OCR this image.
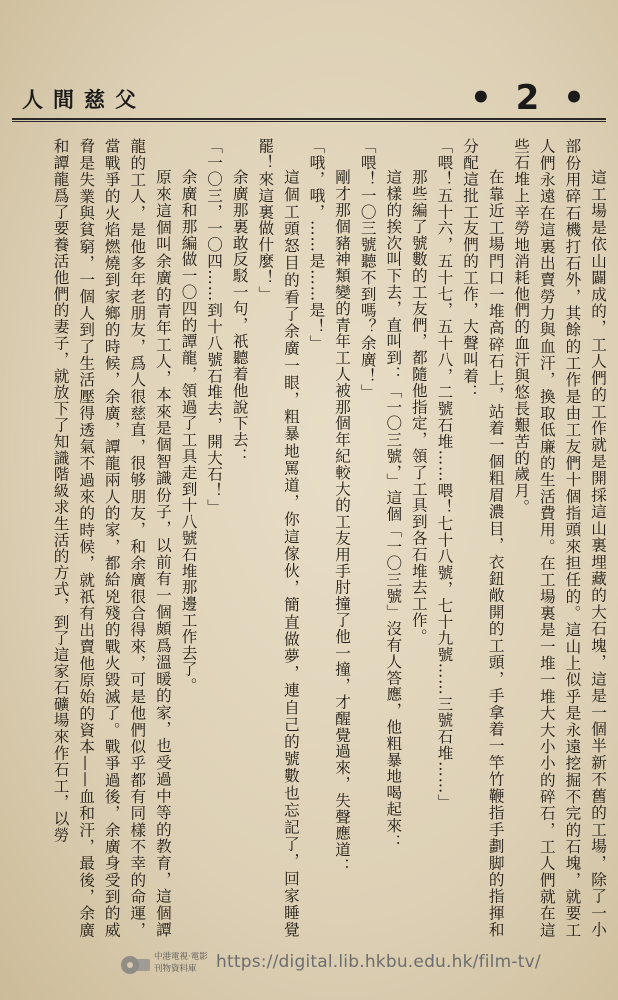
人間慈父	• 2 •

這工場是依山闢成的，工人們的工作就是開採這山裏埋藏的大石塊，這是一個半新不舊的工場，除了一小部份用碎石機打石外，其餘的工作是由工友們十個指頭來担任的。這山上似乎是永遠挖掘不完的石塊，就要工人們永遠在這裏出賣勞力與血汗，換取低廉的生活費用。在工場裏是一堆一堆大大小小的碎石，工人們就在這些石堆上辛勞地消耗他們的血汗與悠長艱苦的歲月。

在靠近工場門口一堆高碎石上，站着一個粗眉濃目，衣鈕敞開的工頭，手拿着一竿竹鞭指手劃脚的指揮和分配這批工友們的工作，大聲叫着：

「喂！五十六，五十七，五十八，二號石堆……喂！七十八號，七十九號……三號石堆……」

那些編了號數的工友們，都隨他指定，領了工具到各石堆去工作。

這樣的挨次叫下去，直叫到：「一〇三號，」這個「一〇三號」沒有人答應，他粗暴地喝起來：

「喂！一〇三號聽不到嗎？余廣！」

剛才那個豬神類變的青年工人被那個年紀較大的工友用手肘撞了他一撞，才醒覺過來，失聲應道：

「哦，哦，……是……是！」

這個工頭怒目的看了余廣一眼，粗暴地罵道，你這傢伙，簡直做夢，連自己的號數也忘記了，回家睡覺罷！來這裏做什麼！」

余廣那裏敢反駁一句，祇聽着他說下去：

「一〇三，一〇四……到十八號石堆去，開大石！」

余廣和那編做一〇四的譚龍，領過了工具走到十八號石堆那邊工作去了。

原來這個叫余廣的青年工人，本來是個智識份子，以前有一個頗爲溫暖的家，也受過中等的教育，這個譚龍的工人，是他多年老朋友，爲人很慈直，很够朋友，和余廣很合得來，可是他們似乎都有同樣不幸的命運，當戰爭的火焰燃燒到家鄉的時候，余廣，譚龍兩人的家，都給兇殘的戰火毀滅了。戰爭過後，余廣身受到的威脅是失業與貧窮，一個人到了生活壓得透氣不過來的時候，就祇有出賣他原始的資本——血和汗，最後，余廣和譚龍爲了要養活他們的妻子，就放下了知識階級求生活的方式，到了這家石礦場來作石工，以勞

中港電視·電影
刊物資料庫	https://digital.lib.hkbu.edu.hk/film-tv/
